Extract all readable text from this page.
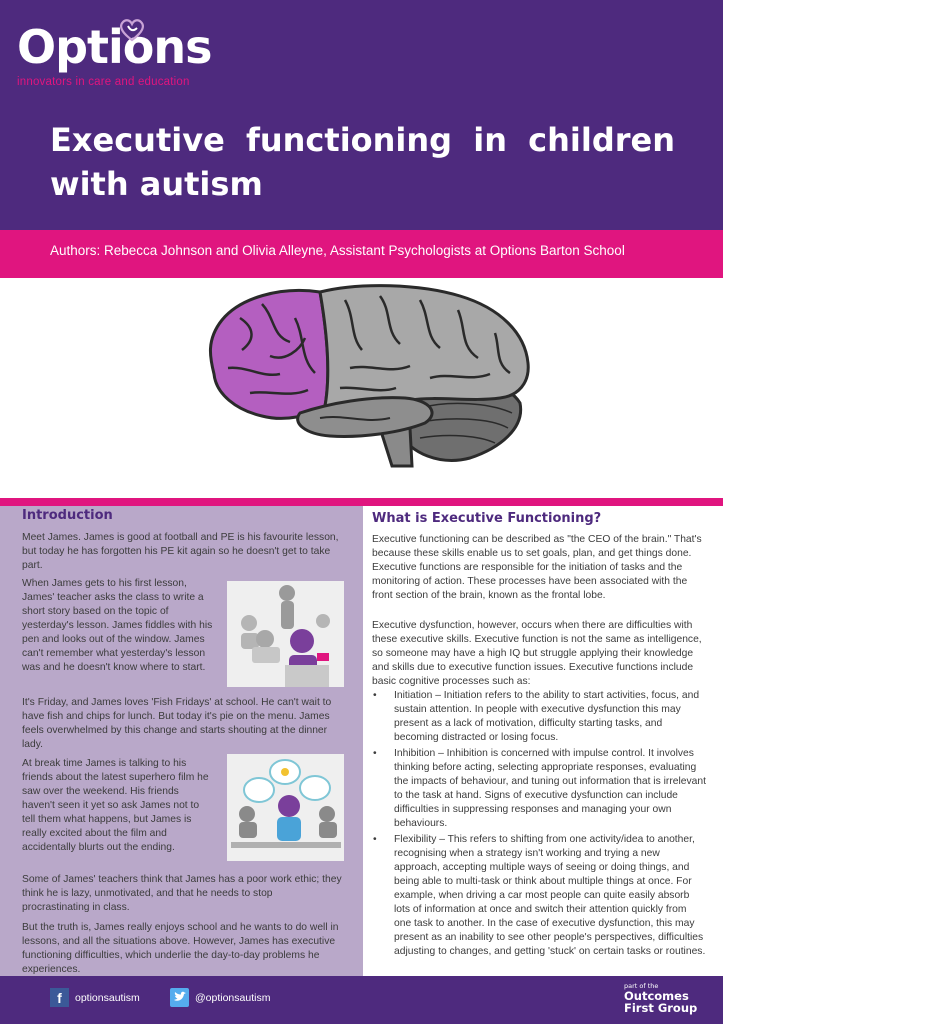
Options
innovators in care and education
Executive functioning in children with autism
Authors: Rebecca Johnson and Olivia Alleyne, Assistant Psychologists at Options Barton School
Introduction

Meet James. James is good at football and PE is his favourite lesson, but today he has forgotten his PE kit again so he doesn't get to take part.

When James gets to his first lesson, James' teacher asks the class to write a short story based on the topic of yesterday's lesson. James fiddles with his pen and looks out of the window. James can't remember what yesterday's lesson was and he doesn't know where to start.

It's Friday, and James loves 'Fish Fridays' at school. He can't wait to have fish and chips for lunch. But today it's pie on the menu. James feels overwhelmed by this change and starts shouting at the dinner lady.

At break time James is talking to his friends about the latest superhero film he saw over the weekend. His friends haven't seen it yet so ask James not to tell them what happens, but James is really excited about the film and accidentally blurts out the ending.

Some of James' teachers think that James has a poor work ethic; they think he is lazy, unmotivated, and that he needs to stop procrastinating in class.

But the truth is, James really enjoys school and he wants to do well in lessons, and all the situations above. However, James has executive functioning difficulties, which underlie the day-to-day problems he experiences.

What is Executive Functioning?

Executive functioning can be described as "the CEO of the brain." That's because these skills enable us to set goals, plan, and get things done. Executive functions are responsible for the initiation of tasks and the monitoring of action. These processes have been associated with the front section of the brain, known as the frontal lobe.

Executive dysfunction, however, occurs when there are difficulties with these executive skills. Executive function is not the same as intelligence, so someone may have a high IQ but struggle applying their knowledge and skills due to executive function issues. Executive functions include basic cognitive processes such as:

• Initiation – Initiation refers to the ability to start activities, focus, and sustain attention. In people with executive dysfunction this may present as a lack of motivation, difficulty starting tasks, and becoming distracted or losing focus.
• Inhibition – Inhibition is concerned with impulse control. It involves thinking before acting, selecting appropriate responses, evaluating the impacts of behaviour, and tuning out information that is irrelevant to the task at hand. Signs of executive dysfunction can include difficulties in suppressing responses and managing your own behaviours.
• Flexibility – This refers to shifting from one activity/idea to another, recognising when a strategy isn't working and trying a new approach, accepting multiple ways of seeing or doing things, and being able to multi-task or think about multiple things at once. For example, when driving a car most people can quite easily absorb lots of information at once and switch their attention quickly from one task to another. In the case of executive dysfunction, this may present as an inability to see other people's perspectives, difficulties adjusting to changes, and getting 'stuck' on certain tasks or routines.
f	optionsautism	@optionsautism
part of the
Outcomes
First Group
